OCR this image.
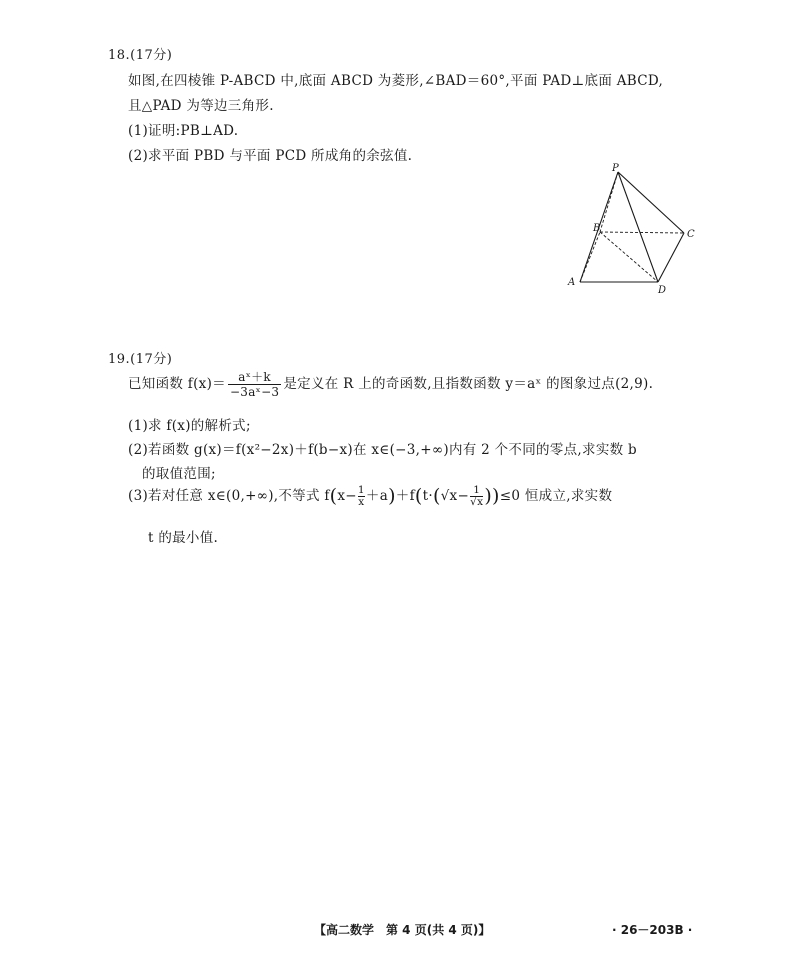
18.(17分)
如图,在四棱锥 P-ABCD 中,底面 ABCD 为菱形,∠BAD＝60°,平面 PAD⊥底面 ABCD,
且△PAD 为等边三角形.
(1)证明:PB⊥AD.
(2)求平面 PBD 与平面 PCD 所成角的余弦值.
P
B
C
A
D
19.(17分)
已知函数 $f(x)= \frac{\text{aˣ＋k}}{\text{−3aˣ−3}}$ 是定义在 R 上的奇函数,且指数函数 y＝aˣ 的图象过点(2,9).
(1)求 f(x)的解析式;
(2)若函数 g(x)＝f(x²−2x)＋f(b−x)在 x∈(−3,+∞)内有 2 个不同的零点,求实数 b
的取值范围;
(3)若对任意 x∈(0,+∞),不等式 $f(x- \frac{1}{x} +a)+f(t\cdot(√x- \frac{1}{√x} ))\le 0$ 恒成立,求实数
t 的最小值.
【高二数学　第 4 页(共 4 页)】	· 26－203B ·
